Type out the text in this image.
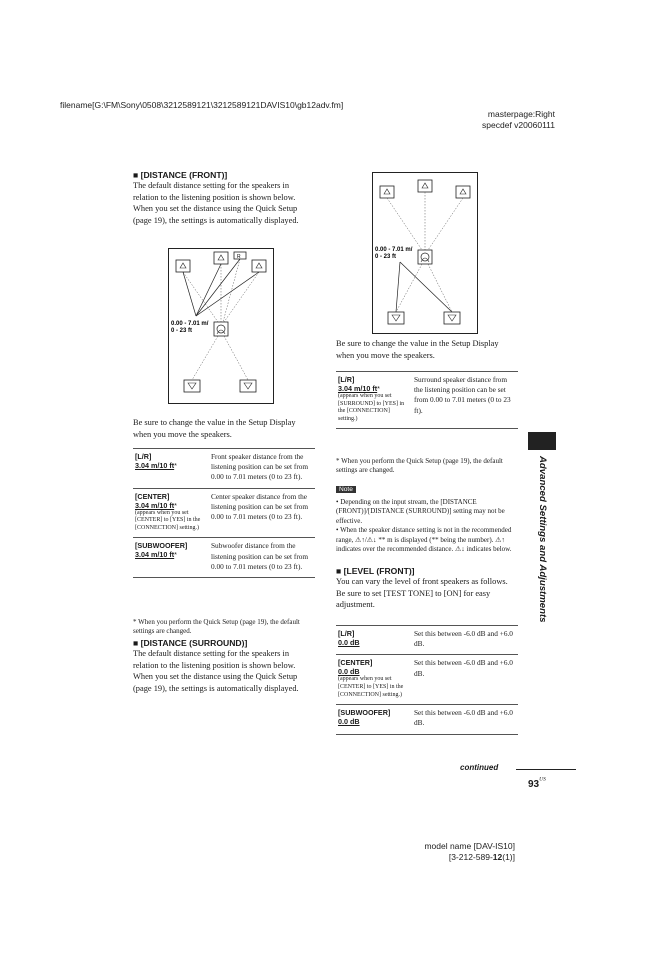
filename[G:\FM\Sony\0508\3212589121\3212589121DAVIS10\gb12adv.fm]
masterpage:Right
specdef v20060111

■ [DISTANCE (FRONT)]

The default distance setting for the speakers in relation to the listening position is shown below. When you set the distance using the Quick Setup (page 19), the settings is automatically displayed.

R
0.00 - 7.01 m/
0 - 23 ft

Be sure to change the value in the Setup Display when you move the speakers.

[L/R]
3.04 m/10 ft*	Front speaker distance from the listening position can be set from 0.00 to 7.01 meters (0 to 23 ft).

[CENTER]
3.04 m/10 ft*
(appears when you set [CENTER] to [YES] in the [CONNECTION] setting.)	Center speaker distance from the listening position can be set from 0.00 to 7.01 meters (0 to 23 ft).

[SUBWOOFER]
3.04 m/10 ft*	Subwoofer distance from the listening position can be set from 0.00 to 7.01 meters (0 to 23 ft).

* When you perform the Quick Setup (page 19), the default settings are changed.

■ [DISTANCE (SURROUND)]

The default distance setting for the speakers in relation to the listening position is shown below. When you set the distance using the Quick Setup (page 19), the settings is automatically displayed.

0.00 - 7.01 m/
0 - 23 ft

Be sure to change the value in the Setup Display when you move the speakers.

[L/R]
3.04 m/10 ft*
(appears when you set [SURROUND] to [YES] in the [CONNECTION] setting.)
	Surround speaker distance from the listening position can be set from 0.00 to 7.01 meters (0 to 23 ft).

* When you perform the Quick Setup (page 19), the default settings are changed.

Note

• Depending on the input stream, the [DISTANCE (FRONT)]/[DISTANCE (SURROUND)] setting may not be effective.

• When the speaker distance setting is not in the recommended range, ⚠↑/⚠↓ ** m is displayed (** being the number). ⚠↑ indicates over the recommended distance. ⚠↓ indicates below.

■ [LEVEL (FRONT)]

You can vary the level of front speakers as follows. Be sure to set [TEST TONE] to [ON] for easy adjustment.

[L/R]
0.0 dB	Set this between -6.0 dB and +6.0 dB.

[CENTER]
0.0 dB
(appears when you set [CENTER] to [YES] in the [CONNECTION] setting.)	Set this between -6.0 dB and +6.0 dB.

[SUBWOOFER]
0.0 dB	Set this between -6.0 dB and +6.0 dB.
Advanced Settings and Adjustments
continued
$93^{US}$
model name [DAV-IS10]
[3-212-589-12(1)]
